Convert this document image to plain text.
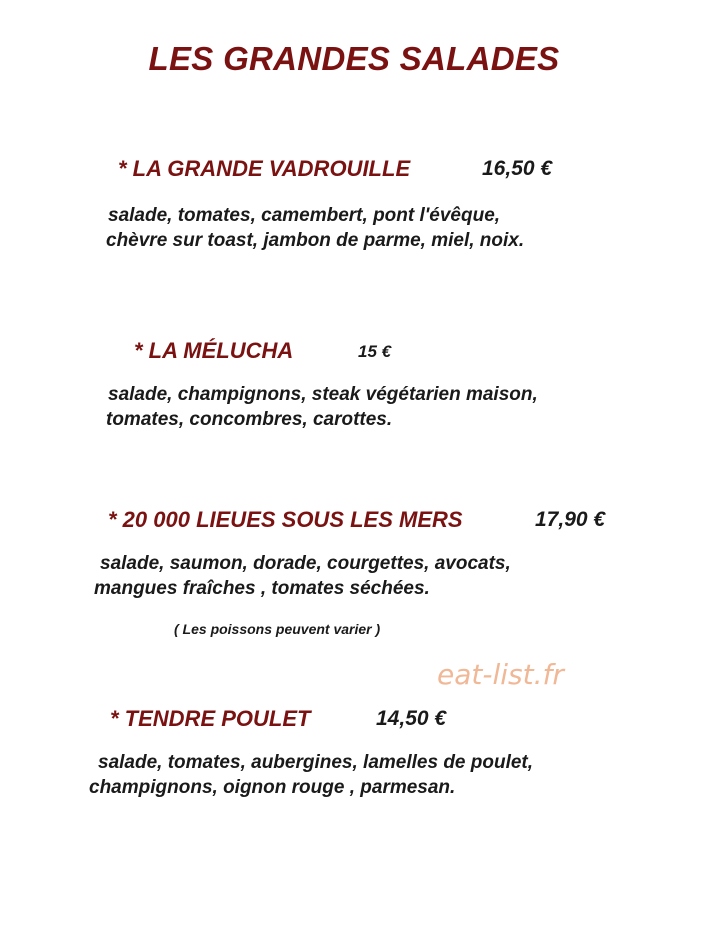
LES GRANDES SALADES
* LA GRANDE VADROUILLE	16,50 €
salade, tomates, camembert, pont l'évêque,
chèvre sur toast, jambon de parme, miel, noix.
* LA MÉLUCHA	15 €
salade, champignons, steak végétarien maison,
tomates, concombres, carottes.
* 20 000 LIEUES SOUS LES MERS	17,90 €
salade, saumon, dorade, courgettes, avocats,
mangues fraîches , tomates séchées.
( Les poissons peuvent varier )
eat-list.fr
* TENDRE POULET	14,50 €
salade, tomates, aubergines, lamelles de poulet,
champignons, oignon rouge , parmesan.
